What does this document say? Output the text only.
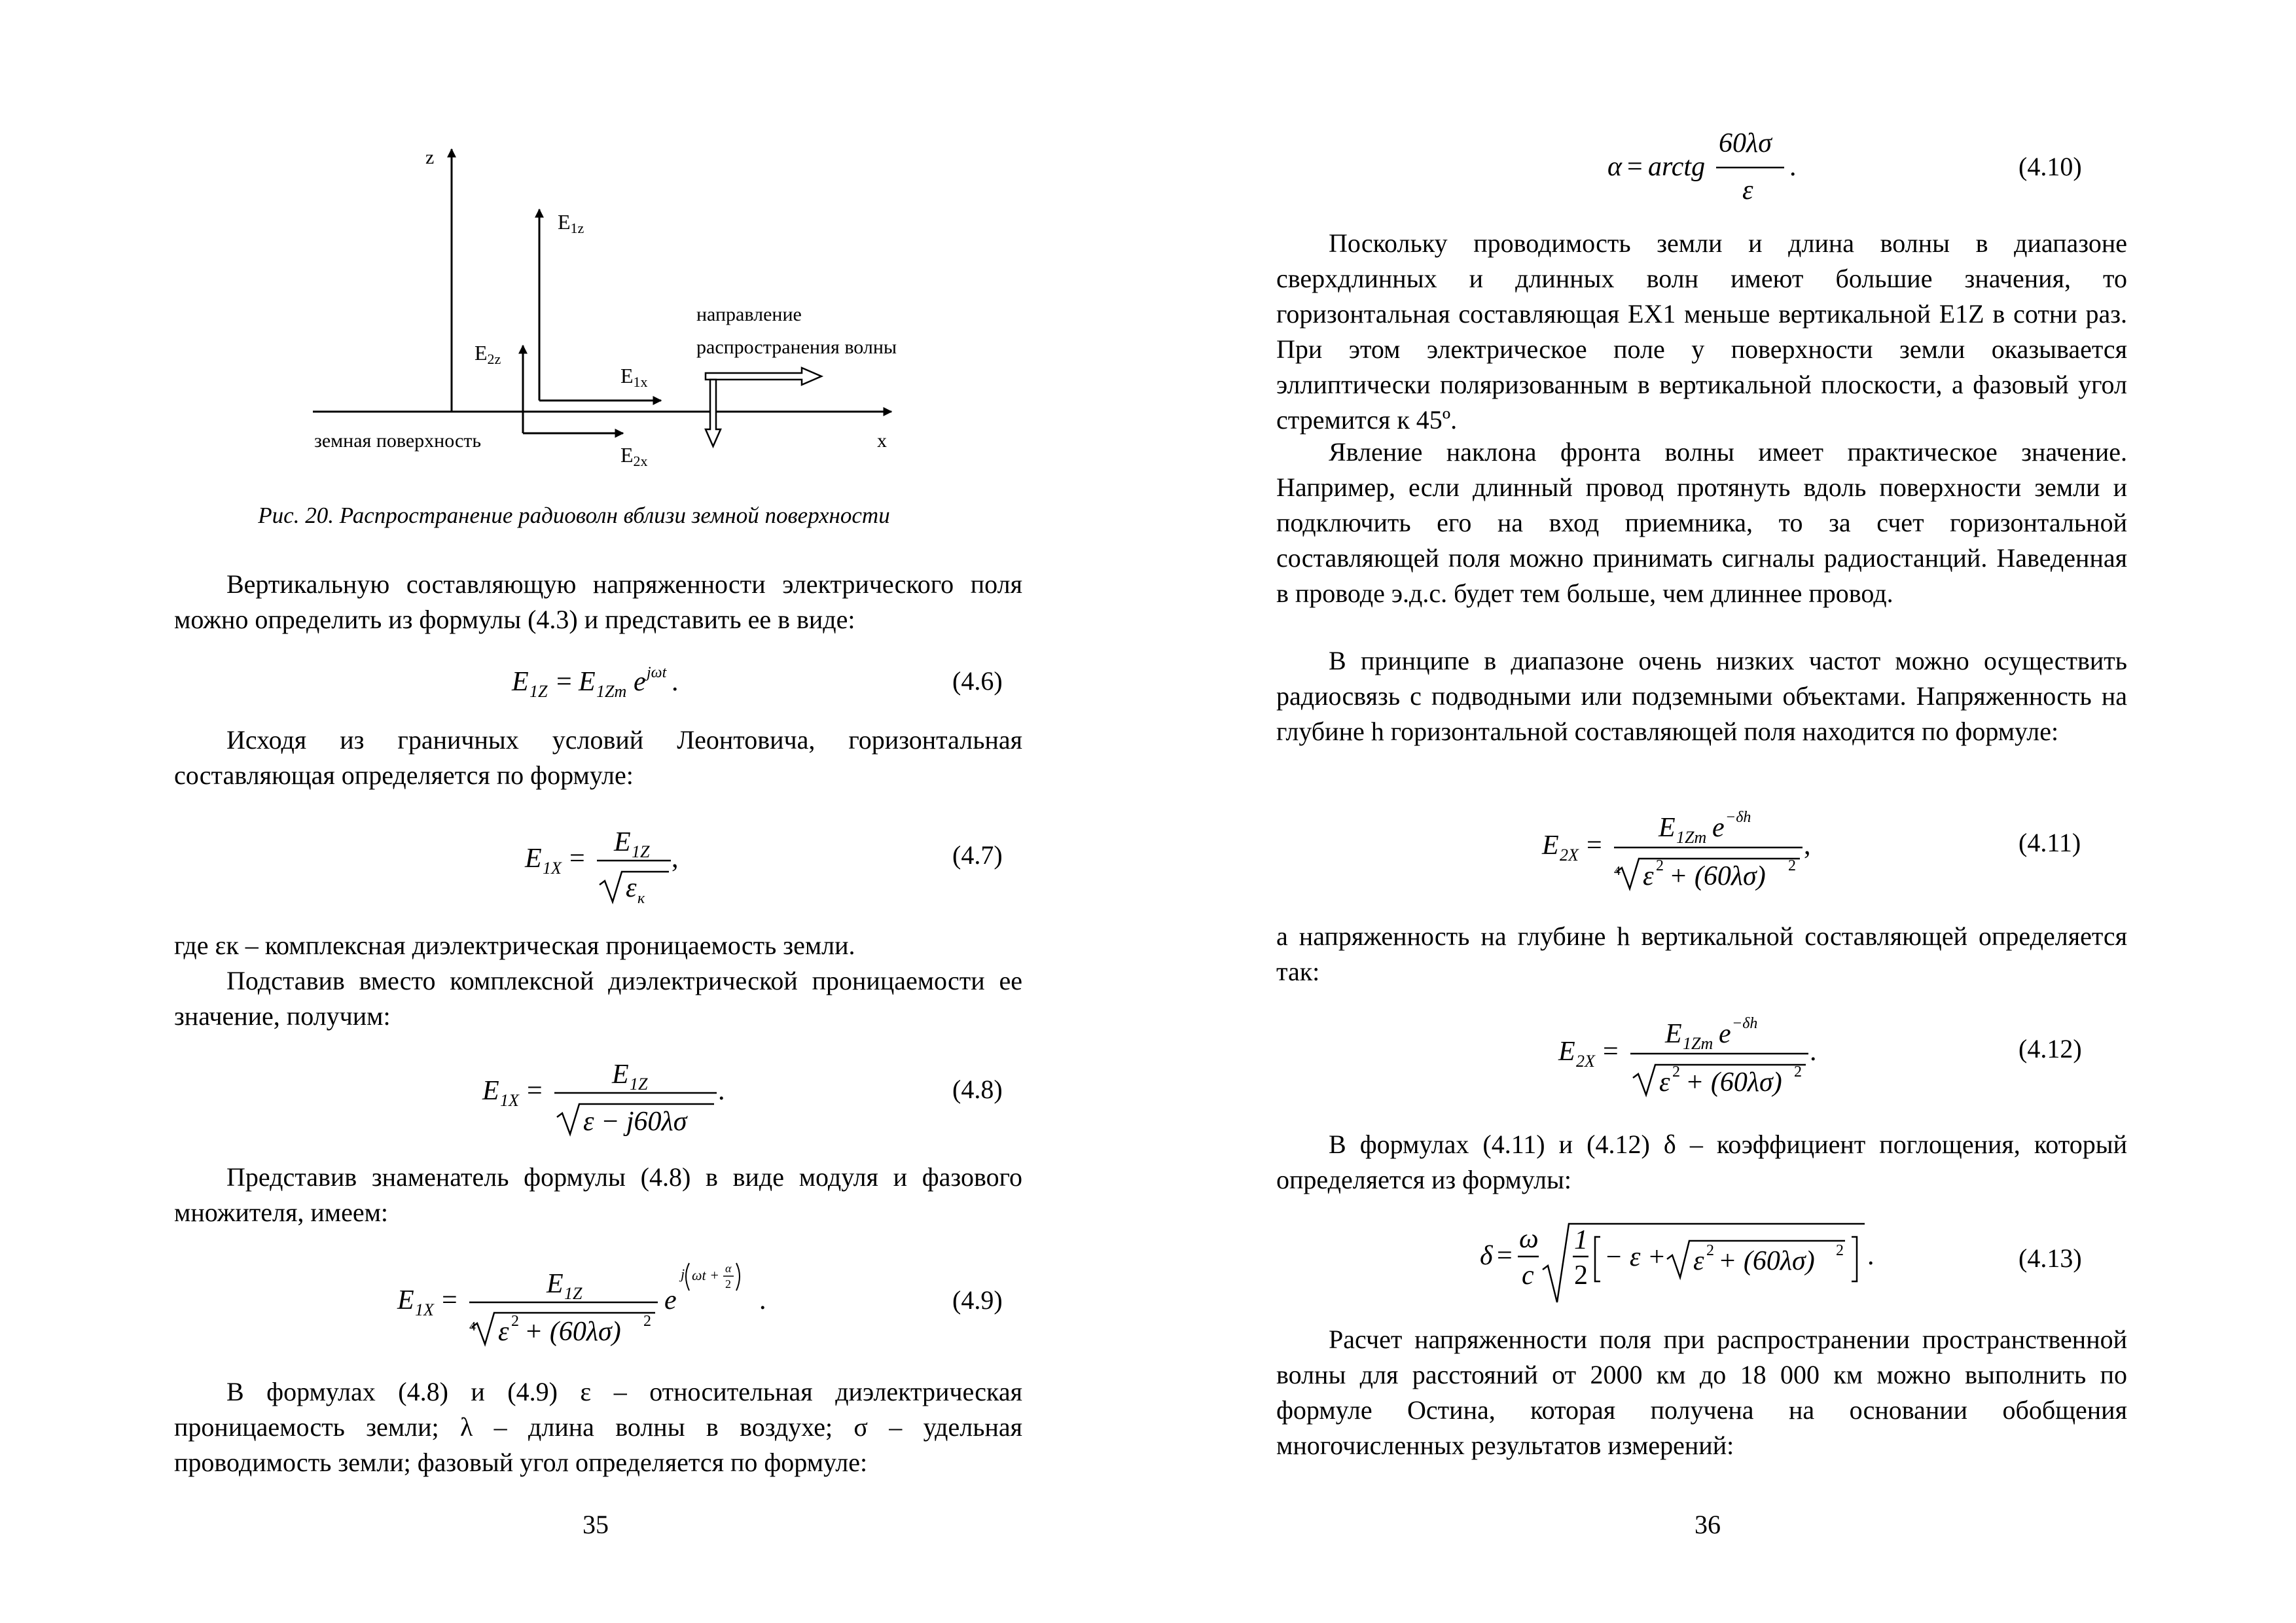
z
x
E1z
E1x
E2z
E2x
направление
распространения волны
земная поверхность
Рис. 20. Распространение радиоволн вблизи земной поверхности

Вертикальную составляющую напряженности электрического поля можно определить из формулы (4.3) и представить ее в виде:

E 1Z = E 1Zm e jωt .	(4.6)

Исходя из граничных условий Леонтовича, горизонтальная составляющая определяется по формуле:

E 1X =
E 1Z
ε к
,	(4.7)

где εк – комплексная диэлектрическая проницаемость земли.

Подставив вместо комплексной диэлектрической проницаемости ее значение, получим:

E 1X =
E 1Z
ε − j60λσ
.	(4.8)

Представив знаменатель формулы (4.8) в виде модуля и фазового множителя, имеем:

E 1X =
E 1Z
4 ε 2 + (60λσ) 2
e
j ωt + α
2
.	(4.9)

В формулах (4.8) и (4.9) ε – относительная диэлектрическая проницаемость земли; λ – длина волны в воздухе; σ – удельная проводимость земли; фазовый угол определяется по формуле:

35
α = arctg
60λσ
ε
.	(4.10)

Поскольку проводимость земли и длина волны в диапазоне сверхдлинных и длинных волн имеют большие значения, то горизонтальная составляющая EX1 меньше вертикальной E1Z в сотни раз. При этом электрическое поле у поверхности земли оказывается эллиптически поляризованным в вертикальной плоскости, а фазовый угол стремится к 45º.

Явление наклона фронта волны имеет практическое значение. Например, если длинный провод протянуть вдоль поверхности земли и подключить его на вход приемника, то за счет горизонтальной составляющей поля можно принимать сигналы радиостанций. Наведенная в проводе э.д.с. будет тем больше, чем длиннее провод.

В принципе в диапазоне очень низких частот можно осуществить радиосвязь с подводными или подземными объектами. Напряженность на глубине h горизонтальной составляющей поля находится по формуле:

E 2X =
E 1Zm e −δh
4 ε 2 + (60λσ) 2
,	(4.11)

а напряженность на глубине h вертикальной составляющей определяется так:

E 2X =
E 1Zm e −δh
ε 2 + (60λσ) 2
.	(4.12)

В формулах (4.11) и (4.12) δ – коэффициент поглощения, который определяется из формулы:

δ =
ω
c
1
2
− ε + ε 2 + (60λσ) 2 .	(4.13)

Расчет напряженности поля при распространении пространственной волны для расстояний от 2000 км до 18 000 км можно выполнить по формуле Остина, которая получена на основании обобщения многочисленных результатов измерений:

36
